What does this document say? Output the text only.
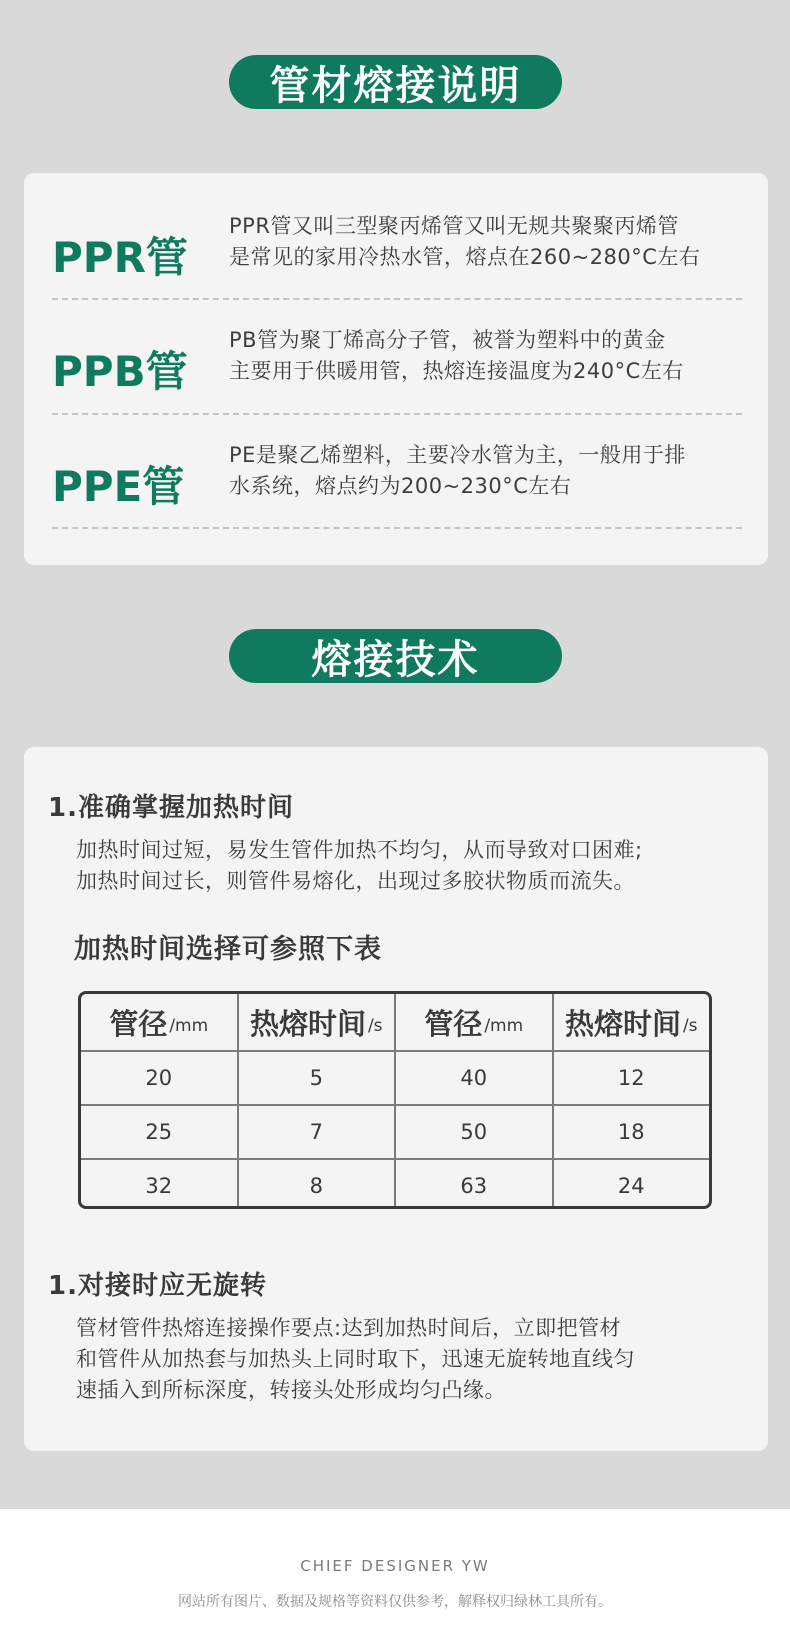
管材熔接说明
PPR管
PPR管又叫三型聚丙烯管又叫无规共聚聚丙烯管
是常见的家用冷热水管，熔点在260~280°C左右
PPB管
PB管为聚丁烯高分子管，被誉为塑料中的黄金
主要用于供暖用管，热熔连接温度为240°C左右
PPE管
PE是聚乙烯塑料，主要冷水管为主，一般用于排
水系统，熔点约为200~230°C左右
熔接技术
1.准确掌握加热时间
加热时间过短，易发生管件加热不均匀，从而导致对口困难;
加热时间过长，则管件易熔化，出现过多胶状物质而流失。
加热时间选择可参照下表
管径 /mm 热熔时间 /s 管径 /mm 热熔时间 /s
20	5	40	12
25	7	50	18
32	8	63	24
1.对接时应无旋转
管材管件热熔连接操作要点:达到加热时间后，立即把管材
和管件从加热套与加热头上同时取下，迅速无旋转地直线匀
速插入到所标深度，转接头处形成均匀凸缘。
CHIEF DESIGNER YW
网站所有图片、数据及规格等资料仅供参考，解释权归绿林工具所有。
